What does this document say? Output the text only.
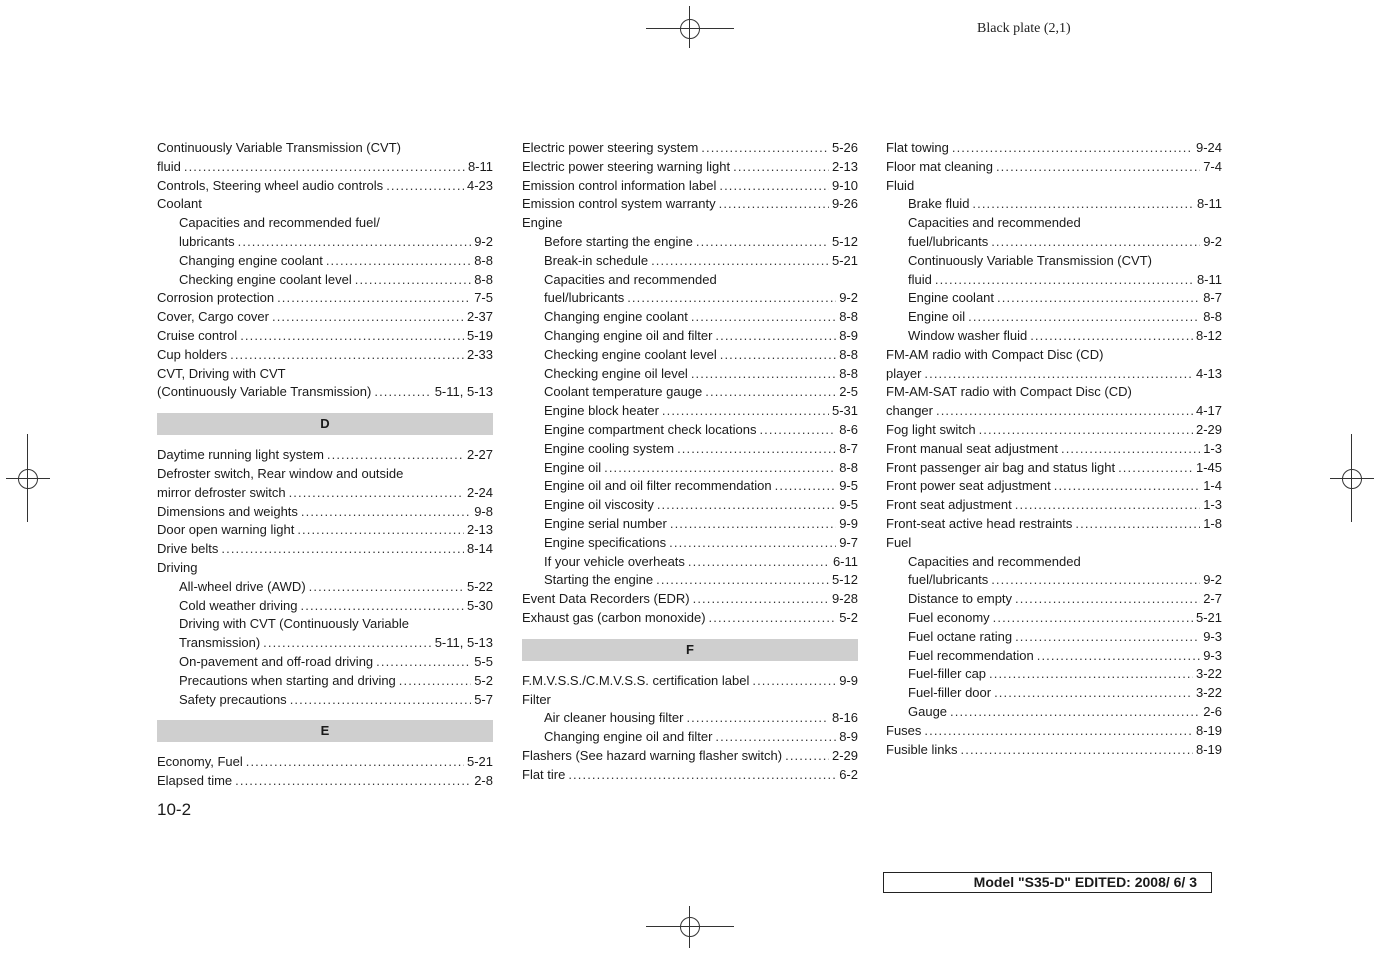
Black plate (2,1)
Continuously Variable Transmission (CVT)
fluid .....	8-11
Controls, Steering wheel audio controls .....	4-23
Coolant
Capacities and recommended fuel/
lubricants .....	9-2
Changing engine coolant .....	8-8
Checking engine coolant level .....	8-8
Corrosion protection .....	7-5
Cover, Cargo cover .....	2-37
Cruise control .....	5-19
Cup holders .....	2-33
CVT, Driving with CVT
(Continuously Variable Transmission) .....	5-11, 5-13
D
Daytime running light system .....	2-27
Defroster switch, Rear window and outside
mirror defroster switch .....	2-24
Dimensions and weights .....	9-8
Door open warning light .....	2-13
Drive belts .....	8-14
Driving
All-wheel drive (AWD) .....	5-22
Cold weather driving .....	5-30
Driving with CVT (Continuously Variable
Transmission) .....	5-11, 5-13
On-pavement and off-road driving .....	5-5
Precautions when starting and driving .....	5-2
Safety precautions .....	5-7
E
Economy, Fuel .....	5-21
Elapsed time .....	2-8
Electric power steering system .....	5-26
Electric power steering warning light .....	2-13
Emission control information label .....	9-10
Emission control system warranty .....	9-26
Engine
Before starting the engine .....	5-12
Break-in schedule .....	5-21
Capacities and recommended
fuel/lubricants .....	9-2
Changing engine coolant .....	8-8
Changing engine oil and filter .....	8-9
Checking engine coolant level .....	8-8
Checking engine oil level .....	8-8
Coolant temperature gauge .....	2-5
Engine block heater .....	5-31
Engine compartment check locations .....	8-6
Engine cooling system .....	8-7
Engine oil .....	8-8
Engine oil and oil filter recommendation .....	9-5
Engine oil viscosity .....	9-5
Engine serial number .....	9-9
Engine specifications .....	9-7
If your vehicle overheats .....	6-11
Starting the engine .....	5-12
Event Data Recorders (EDR) .....	9-28
Exhaust gas (carbon monoxide) .....	5-2
F
F.M.V.S.S./C.M.V.S.S. certification label .....	9-9
Filter
Air cleaner housing filter .....	8-16
Changing engine oil and filter .....	8-9
Flashers (See hazard warning flasher switch) .....	2-29
Flat tire .....	6-2
Flat towing .....	9-24
Floor mat cleaning .....	7-4
Fluid
Brake fluid .....	8-11
Capacities and recommended
fuel/lubricants .....	9-2
Continuously Variable Transmission (CVT)
fluid .....	8-11
Engine coolant .....	8-7
Engine oil .....	8-8
Window washer fluid .....	8-12
FM-AM radio with Compact Disc (CD)
player .....	4-13
FM-AM-SAT radio with Compact Disc (CD)
changer .....	4-17
Fog light switch .....	2-29
Front manual seat adjustment .....	1-3
Front passenger air bag and status light .....	1-45
Front power seat adjustment .....	1-4
Front seat adjustment .....	1-3
Front-seat active head restraints .....	1-8
Fuel
Capacities and recommended
fuel/lubricants .....	9-2
Distance to empty .....	2-7
Fuel economy .....	5-21
Fuel octane rating .....	9-3
Fuel recommendation .....	9-3
Fuel-filler cap .....	3-22
Fuel-filler door .....	3-22
Gauge .....	2-6
Fuses .....	8-19
Fusible links .....	8-19
10-2
Model "S35-D" EDITED: 2008/ 6/ 3
